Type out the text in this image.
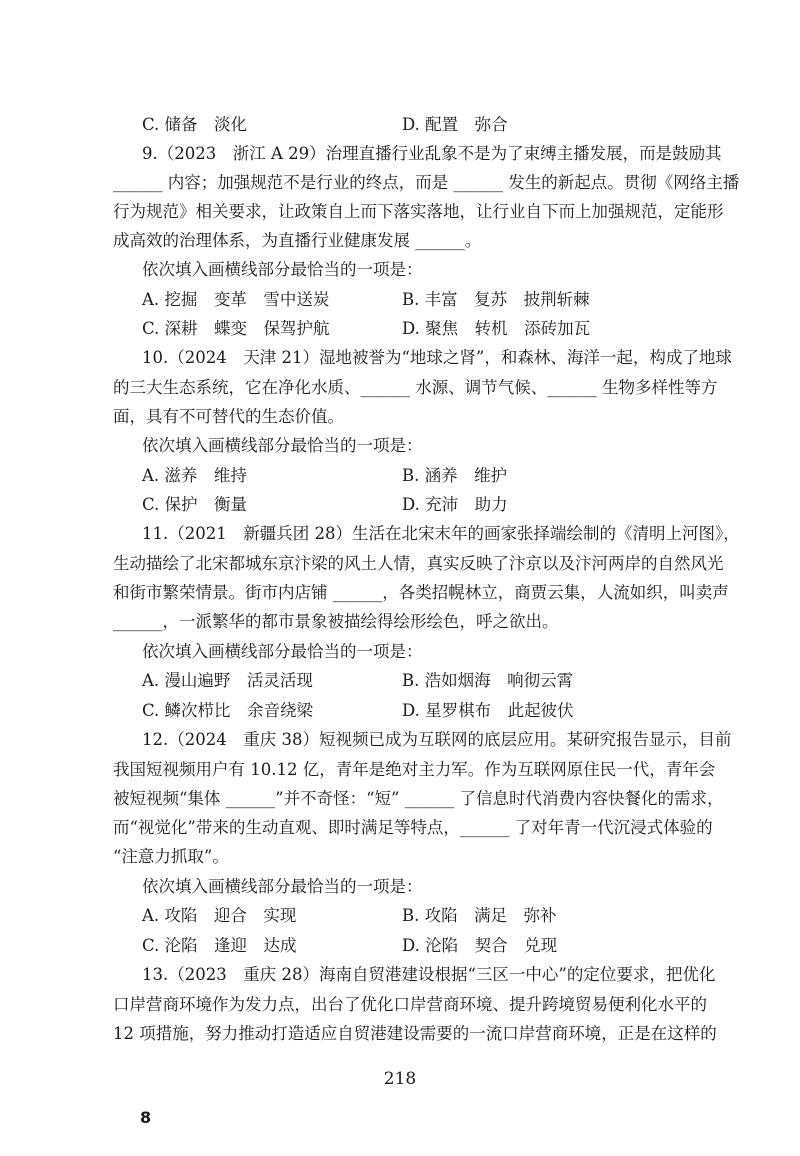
C. 储备　淡化	D. 配置　弥合
9.（2023　浙江 A 29）治理直播行业乱象不是为了束缚主播发展，而是鼓励其
______ 内容；加强规范不是行业的终点，而是 ______ 发生的新起点。贯彻《网络主播
行为规范》相关要求，让政策自上而下落实落地，让行业自下而上加强规范，定能形
成高效的治理体系，为直播行业健康发展 ______。
依次填入画横线部分最恰当的一项是：
A. 挖掘　变革　雪中送炭	B. 丰富　复苏　披荆斩棘
C. 深耕　蝶变　保驾护航	D. 聚焦　转机　添砖加瓦
10.（2024　天津 21）湿地被誉为“地球之肾”，和森林、海洋一起，构成了地球
的三大生态系统，它在净化水质、______ 水源、调节气候、______ 生物多样性等方
面，具有不可替代的生态价值。
依次填入画横线部分最恰当的一项是：
A. 滋养　维持	B. 涵养　维护
C. 保护　衡量	D. 充沛　助力
11.（2021　新疆兵团 28）生活在北宋末年的画家张择端绘制的《清明上河图》，
生动描绘了北宋都城东京汴梁的风土人情，真实反映了汴京以及汴河两岸的自然风光
和街市繁荣情景。街市内店铺 ______，各类招幌林立，商贾云集，人流如织，叫卖声
______，一派繁华的都市景象被描绘得绘形绘色，呼之欲出。
依次填入画横线部分最恰当的一项是：
A. 漫山遍野　活灵活现	B. 浩如烟海　响彻云霄
C. 鳞次栉比　余音绕梁	D. 星罗棋布　此起彼伏
12.（2024　重庆 38）短视频已成为互联网的底层应用。某研究报告显示，目前
我国短视频用户有 10.12 亿，青年是绝对主力军。作为互联网原住民一代，青年会
被短视频“集体 ______”并不奇怪：“短” ______ 了信息时代消费内容快餐化的需求，
而“视觉化”带来的生动直观、即时满足等特点，______ 了对年青一代沉浸式体验的
“注意力抓取”。
依次填入画横线部分最恰当的一项是：
A. 攻陷　迎合　实现	B. 攻陷　满足　弥补
C. 沦陷　逢迎　达成	D. 沦陷　契合　兑现
13.（2023　重庆 28）海南自贸港建设根据“三区一中心”的定位要求，把优化
口岸营商环境作为发力点，出台了优化口岸营商环境、提升跨境贸易便利化水平的
12 项措施，努力推动打造适应自贸港建设需要的一流口岸营商环境，正是在这样的
218
8
